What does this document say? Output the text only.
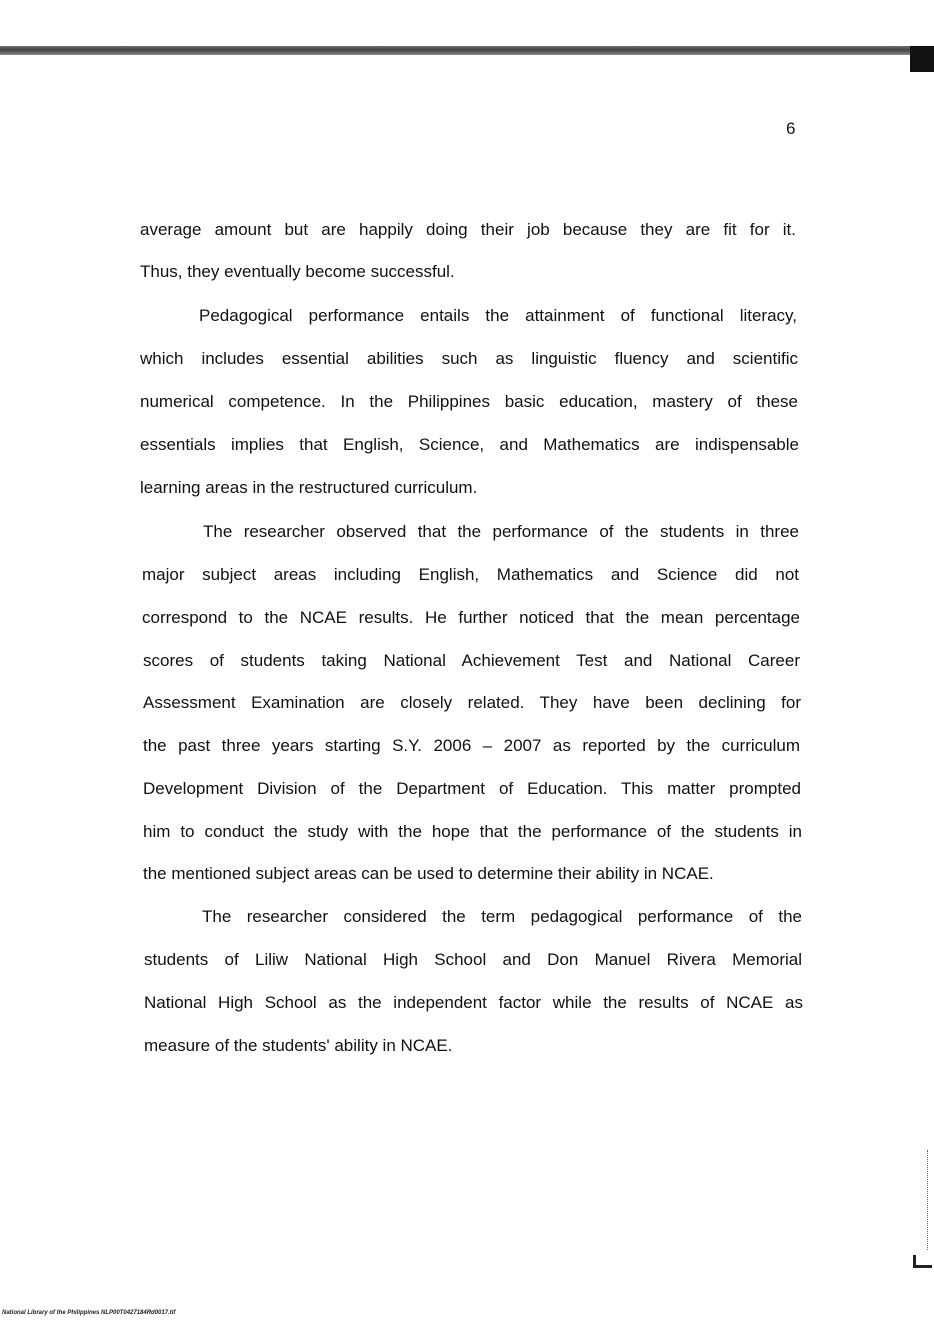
6
average amount but are happily doing their job because they are fit for it.
Thus, they eventually become successful.
Pedagogical performance entails the attainment of functional literacy,
which includes essential abilities such as linguistic fluency and scientific
numerical competence. In the Philippines basic education, mastery of these
essentials implies that English, Science, and Mathematics are indispensable
learning areas in the restructured curriculum.
The researcher observed that the performance of the students in three
major subject areas including English, Mathematics and Science did not
correspond to the NCAE results. He further noticed that the mean percentage
scores of students taking National Achievement Test and National Career
Assessment Examination are closely related. They have been declining for
the past three years starting S.Y. 2006 – 2007 as reported by the curriculum
Development Division of the Department of Education. This matter prompted
him to conduct the study with the hope that the performance of the students in
the mentioned subject areas can be used to determine their ability in NCAE.
The researcher considered the term pedagogical performance of the
students of Liliw National High School and Don Manuel Rivera Memorial
National High School as the independent factor while the results of NCAE as
measure of the students' ability in NCAE.
National Library of the Philippines NLP00T0427184Rd0017.tif
